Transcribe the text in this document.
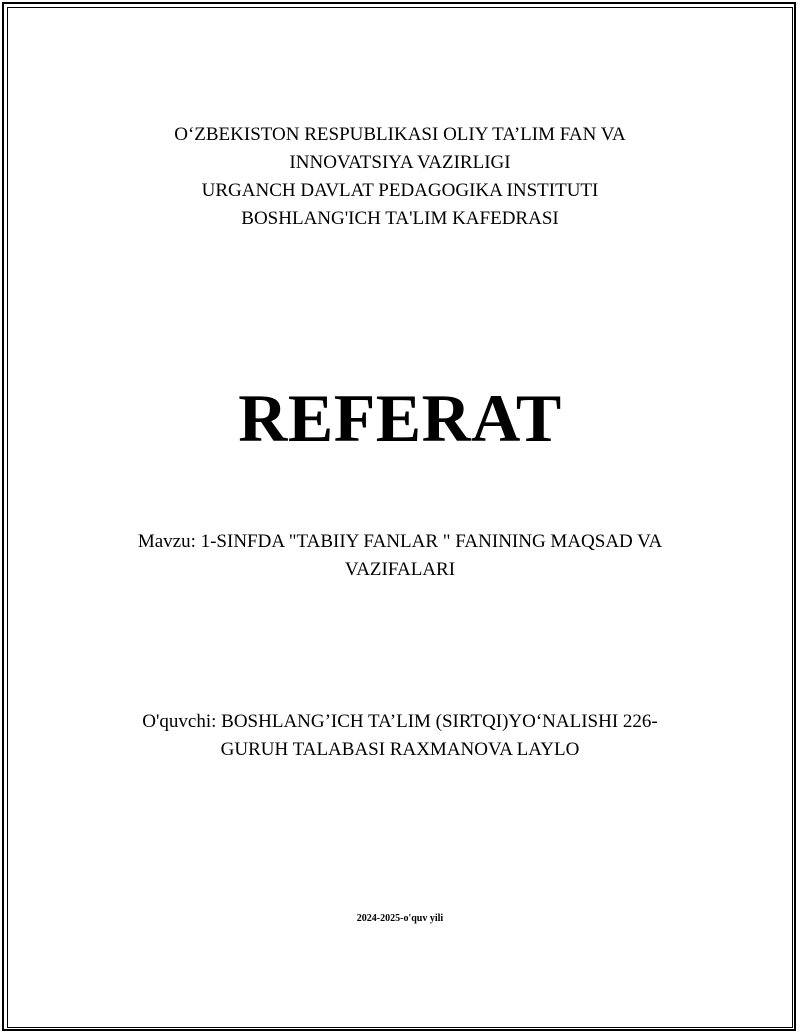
O‘ZBEKISTON RESPUBLIKASI OLIY TA’LIM FAN VA
INNOVATSIYA VAZIRLIGI
URGANCH DAVLAT PEDAGOGIKA INSTITUTI
BOSHLANG'ICH TA'LIM KAFEDRASI
REFERAT
Mavzu: 1-SINFDA "TABIIY FANLAR " FANINING MAQSAD VA
VAZIFALARI
O'quvchi: BOSHLANG’ICH TA’LIM (SIRTQI)YO‘NALISHI 226-
GURUH TALABASI RAXMANOVA LAYLO
2024-2025-o'quv yili
